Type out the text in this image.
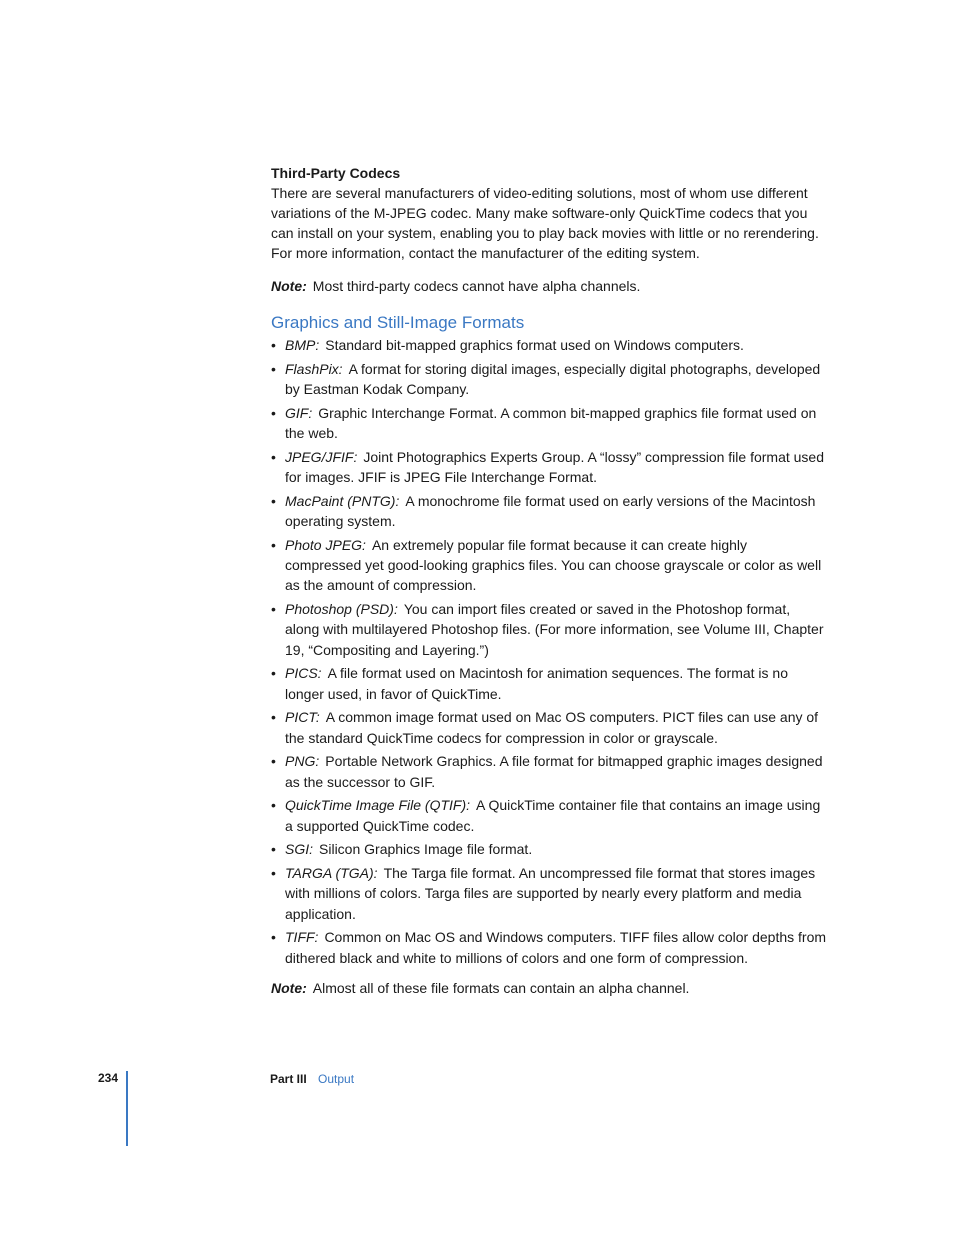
Third-Party Codecs

There are several manufacturers of video-editing solutions, most of whom use different variations of the M-JPEG codec. Many make software-only QuickTime codecs that you can install on your system, enabling you to play back movies with little or no rerendering. For more information, contact the manufacturer of the editing system.

Note: Most third-party codecs cannot have alpha channels.
Graphics and Still-Image Formats
• BMP: Standard bit-mapped graphics format used on Windows computers.
• FlashPix: A format for storing digital images, especially digital photographs, developed by Eastman Kodak Company.
• GIF: Graphic Interchange Format. A common bit-mapped graphics file format used on the web.
• JPEG/JFIF: Joint Photographics Experts Group. A “lossy” compression file format used for images. JFIF is JPEG File Interchange Format.
• MacPaint (PNTG): A monochrome file format used on early versions of the Macintosh operating system.
• Photo JPEG: An extremely popular file format because it can create highly compressed yet good-looking graphics files. You can choose grayscale or color as well as the amount of compression.
• Photoshop (PSD): You can import files created or saved in the Photoshop format, along with multilayered Photoshop files. (For more information, see Volume III, Chapter 19, “Compositing and Layering.”)
• PICS: A file format used on Macintosh for animation sequences. The format is no longer used, in favor of QuickTime.
• PICT: A common image format used on Mac OS computers. PICT files can use any of the standard QuickTime codecs for compression in color or grayscale.
• PNG: Portable Network Graphics. A file format for bitmapped graphic images designed as the successor to GIF.
• QuickTime Image File (QTIF): A QuickTime container file that contains an image using a supported QuickTime codec.
• SGI: Silicon Graphics Image file format.
• TARGA (TGA): The Targa file format. An uncompressed file format that stores images with millions of colors. Targa files are supported by nearly every platform and media application.
• TIFF: Common on Mac OS and Windows computers. TIFF files allow color depths from dithered black and white to millions of colors and one form of compression.
Note: Almost all of these file formats can contain an alpha channel.
234	Part III Output
